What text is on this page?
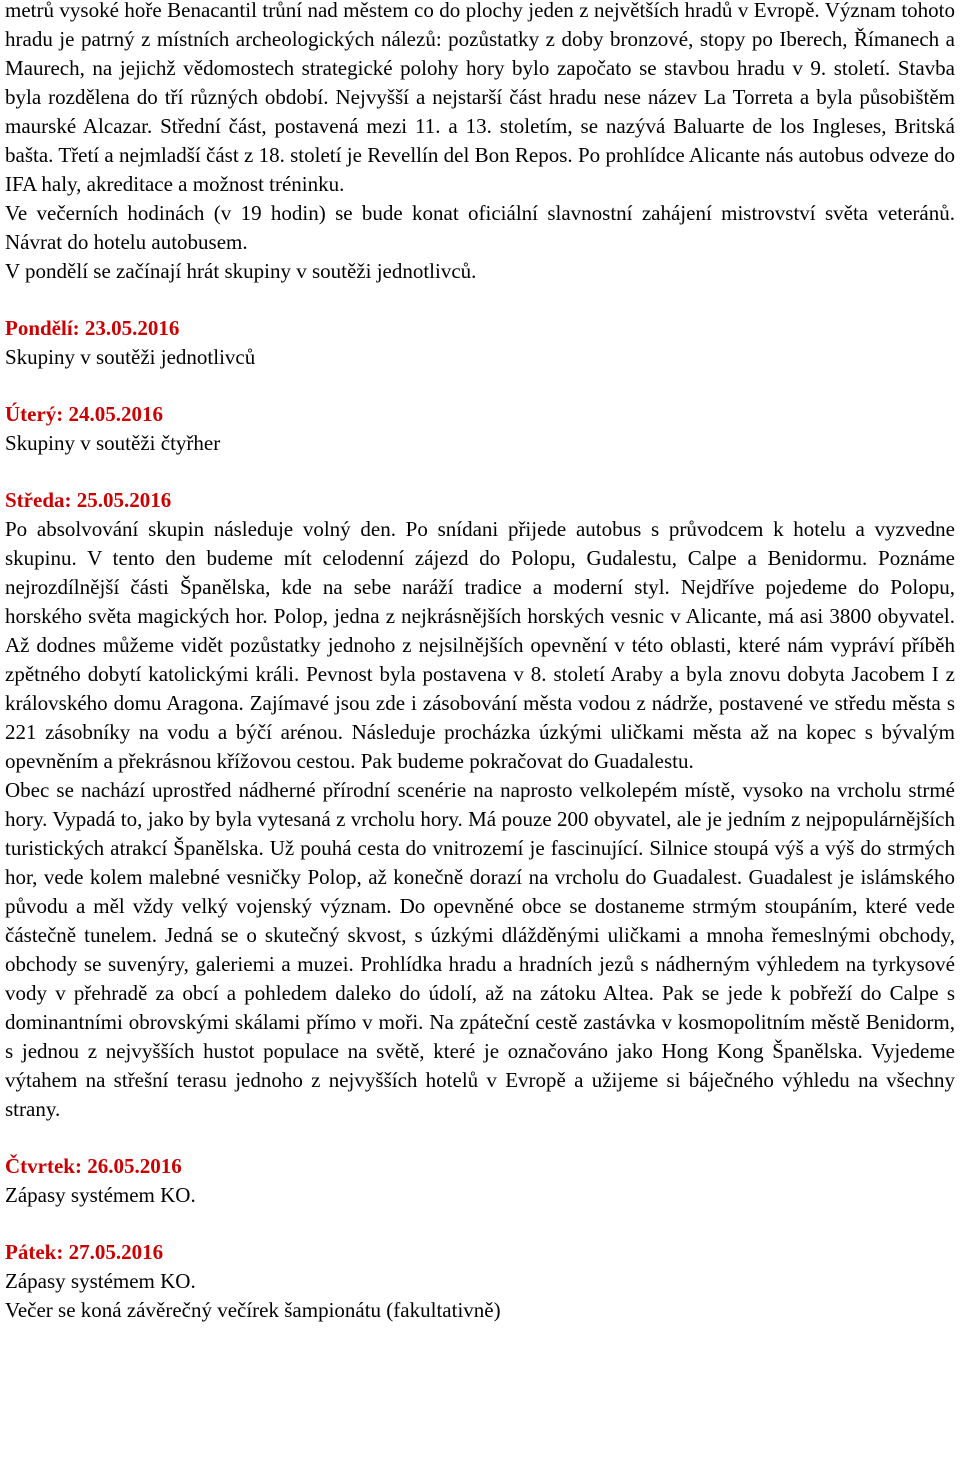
metrů vysoké hoře Benacantil trůní nad městem co do plochy jeden z největších hradů v Evropě. Význam tohoto hradu je patrný z místních archeologických nálezů: pozůstatky z doby bronzové, stopy po Iberech, Římanech a Maurech, na jejichž vědomostech strategické polohy hory bylo započato se stavbou hradu v 9. století. Stavba byla rozdělena do tří různých období. Nejvyšší a nejstarší část hradu nese název La Torreta a byla působištěm maurské Alcazar. Střední část, postavená mezi 11. a 13. stoletím, se nazývá Baluarte de los Ingleses, Britská bašta. Třetí a nejmladší část z 18. století je Revellín del Bon Repos. Po prohlídce Alicante nás autobus odveze do IFA haly, akreditace a možnost tréninku.

Ve večerních hodinách (v 19 hodin) se bude konat oficiální slavnostní zahájení mistrovství světa veteránů. Návrat do hotelu autobusem.

V pondělí se začínají hrát skupiny v soutěži jednotlivců.

Pondělí: 23.05.2016

Skupiny v soutěži jednotlivců

Úterý: 24.05.2016

Skupiny v soutěži čtyřher

Středa: 25.05.2016

Po absolvování skupin následuje volný den. Po snídani přijede autobus s průvodcem k hotelu a vyzvedne skupinu. V tento den budeme mít celodenní zájezd do Polopu, Gudalestu, Calpe a Benidormu. Poznáme nejrozdílnější části Španělska, kde na sebe naráží tradice a moderní styl. Nejdříve pojedeme do Polopu, horského světa magických hor. Polop, jedna z nejkrásnějších horských vesnic v Alicante, má asi 3800 obyvatel. Až dodnes můžeme vidět pozůstatky jednoho z nejsilnějších opevnění v této oblasti, které nám vypráví příběh zpětného dobytí katolickými králi. Pevnost byla postavena v 8. století Araby a byla znovu dobyta Jacobem I z královského domu Aragona. Zajímavé jsou zde i zásobování města vodou z nádrže, postavené ve středu města s 221 zásobníky na vodu a býčí arénou. Následuje procházka úzkými uličkami města až na kopec s bývalým opevněním a překrásnou křížovou cestou. Pak budeme pokračovat do Guadalestu.

Obec se nachází uprostřed nádherné přírodní scenérie na naprosto velkolepém místě, vysoko na vrcholu strmé hory. Vypadá to, jako by byla vytesaná z vrcholu hory. Má pouze 200 obyvatel, ale je jedním z nejpopulárnějších turistických atrakcí Španělska. Už pouhá cesta do vnitrozemí je fascinující. Silnice stoupá výš a výš do strmých hor, vede kolem malebné vesničky Polop, až konečně dorazí na vrcholu do Guadalest. Guadalest je islámského původu a měl vždy velký vojenský význam. Do opevněné obce se dostaneme strmým stoupáním, které vede částečně tunelem. Jedná se o skutečný skvost, s úzkými dlážděnými uličkami a mnoha řemeslnými obchody, obchody se suvenýry, galeriemi a muzei. Prohlídka hradu a hradních jezů s nádherným výhledem na tyrkysové vody v přehradě za obcí a pohledem daleko do údolí, až na zátoku Altea. Pak se jede k pobřeží do Calpe s dominantními obrovskými skálami přímo v moři. Na zpáteční cestě zastávka v kosmopolitním městě Benidorm, s jednou z nejvyšších hustot populace na světě, které je označováno jako Hong Kong Španělska. Vyjedeme výtahem na střešní terasu jednoho z nejvyšších hotelů v Evropě a užijeme si báječného výhledu na všechny strany.

Čtvrtek: 26.05.2016

Zápasy systémem KO.

Pátek: 27.05.2016

Zápasy systémem KO.

Večer se koná závěrečný večírek šampionátu (fakultativně)
